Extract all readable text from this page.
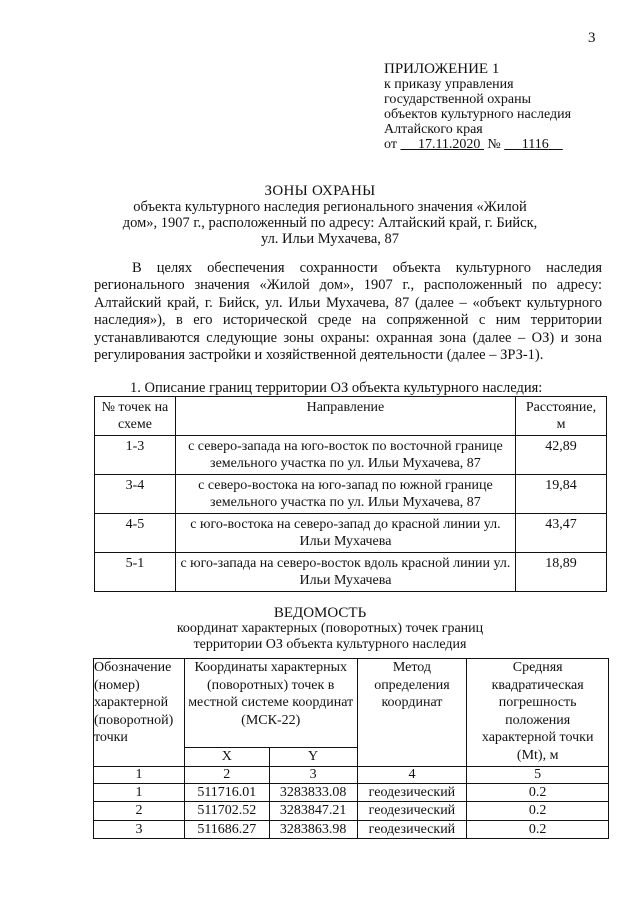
3
ПРИЛОЖЕНИЕ 1
к приказу управления
государственной охраны
объектов культурного наследия
Алтайского края
от 17.11.2020 № 1116
ЗОНЫ ОХРАНЫ
объекта культурного наследия регионального значения «Жилой
дом», 1907 г., расположенный по адресу: Алтайский край, г. Бийск,
ул. Ильи Мухачева, 87

В целях обеспечения сохранности объекта культурного наследия регионального значения «Жилой дом», 1907 г., расположенный по адресу: Алтайский край, г. Бийск, ул. Ильи Мухачева, 87 (далее – «объект культурного наследия»), в его исторической среде на сопряженной с ним территории устанавливаются следующие зоны охраны: охранная зона (далее – ОЗ) и зона регулирования застройки и хозяйственной деятельности (далее – ЗРЗ-1).

1. Описание границ территории ОЗ объекта культурного наследия:
№ точек на схеме	Направление	Расстояние, м
1-3	с северо-запада на юго-восток по восточной границе земельного участка по ул. Ильи Мухачева, 87	42,89
3-4	с северо-востока на юго-запад по южной границе земельного участка по ул. Ильи Мухачева, 87	19,84
4-5	с юго-востока на северо-запад до красной линии ул. Ильи Мухачева	43,47
5-1	с юго-запада на северо-восток вдоль красной линии ул. Ильи Мухачева	18,89
ВЕДОМОСТЬ
координат характерных (поворотных) точек границ
территории ОЗ объекта культурного наследия
Обозначение (номер) характерной (поворотной) точки	Координаты характерных (поворотных) точек в местной системе координат (МСК-22)		Метод определения координат	Средняя квадратическая погрешность положения характерной точки (Mt), м
	X	Y		
1	2	3	4	5
1	511716.01	3283833.08	геодезический	0.2
2	511702.52	3283847.21	геодезический	0.2
3	511686.27	3283863.98	геодезический	0.2
